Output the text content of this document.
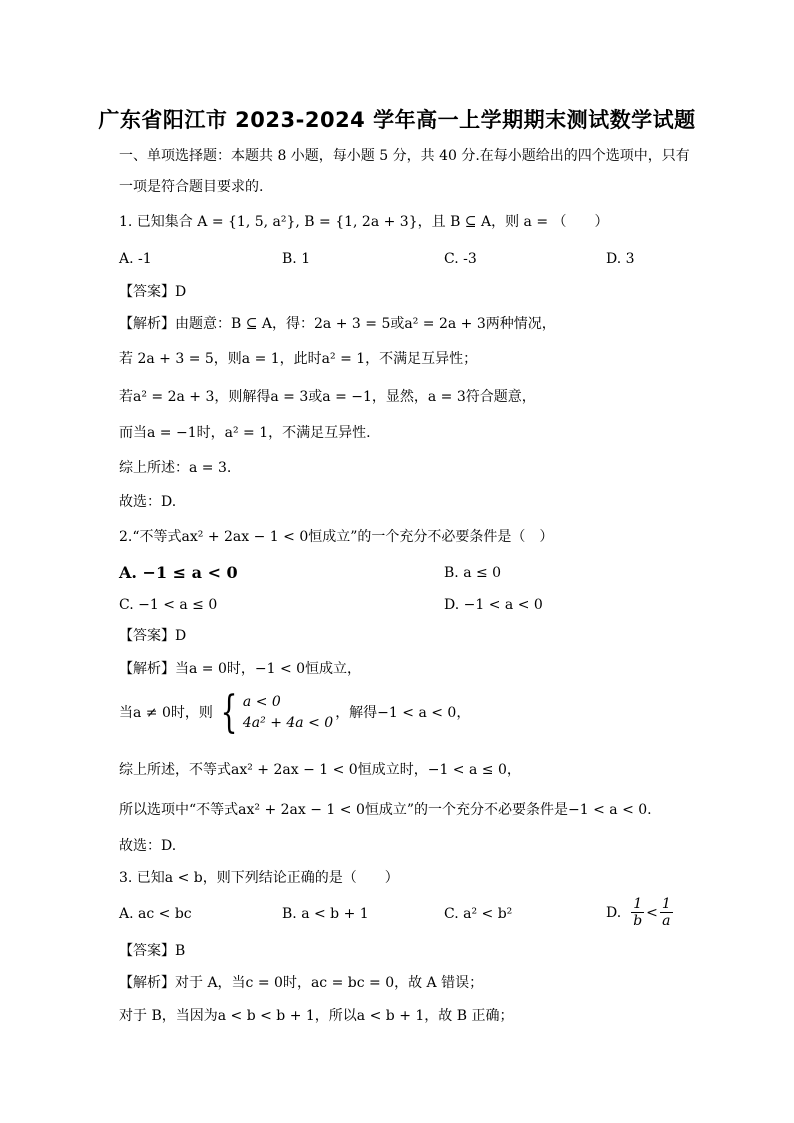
广东省阳江市 2023-2024 学年高一上学期期末测试数学试题
一、单项选择题：本题共 8 小题，每小题 5 分，共 40 分.在每小题给出的四个选项中，只有
一项是符合题目要求的.
1. 已知集合 A = {1, 5, a²}, B = {1, 2a + 3}，且 B ⊆ A，则 a = （　　）
A. -1	B. 1	C. -3	D. 3
【答案】D
【解析】由题意：B ⊆ A，得：2a + 3 = 5或a² = 2a + 3两种情况，
若 2a + 3 = 5，则a = 1，此时a² = 1，不满足互异性；
若a² = 2a + 3，则解得a = 3或a = −1，显然，a = 3符合题意，
而当a = −1时，a² = 1，不满足互异性.
综上所述：a = 3.
故选：D.
2.“不等式ax² + 2ax − 1 < 0恒成立”的一个充分不必要条件是（　）
A. −1 ≤ a < 0	B. a ≤ 0
C. −1 < a ≤ 0	D. −1 < a < 0
【答案】D
【解析】当a = 0时，−1 < 0恒成立，
当a ≠ 0时，则 { a < 0
4a² + 4a < 0
，解得−1 < a < 0，
综上所述，不等式ax² + 2ax − 1 < 0恒成立时，−1 < a ≤ 0，
所以选项中“不等式ax² + 2ax − 1 < 0恒成立”的一个充分不必要条件是−1 < a < 0.
故选：D.
3. 已知a < b，则下列结论正确的是（　　）
A. ac < bc	B. a < b + 1	C. a² < b²	D. $\frac{1}{b} < \frac{1}{a}$
【答案】B
【解析】对于 A，当c = 0时，ac = bc = 0，故 A 错误；
对于 B，当因为a < b < b + 1，所以a < b + 1，故 B 正确；
